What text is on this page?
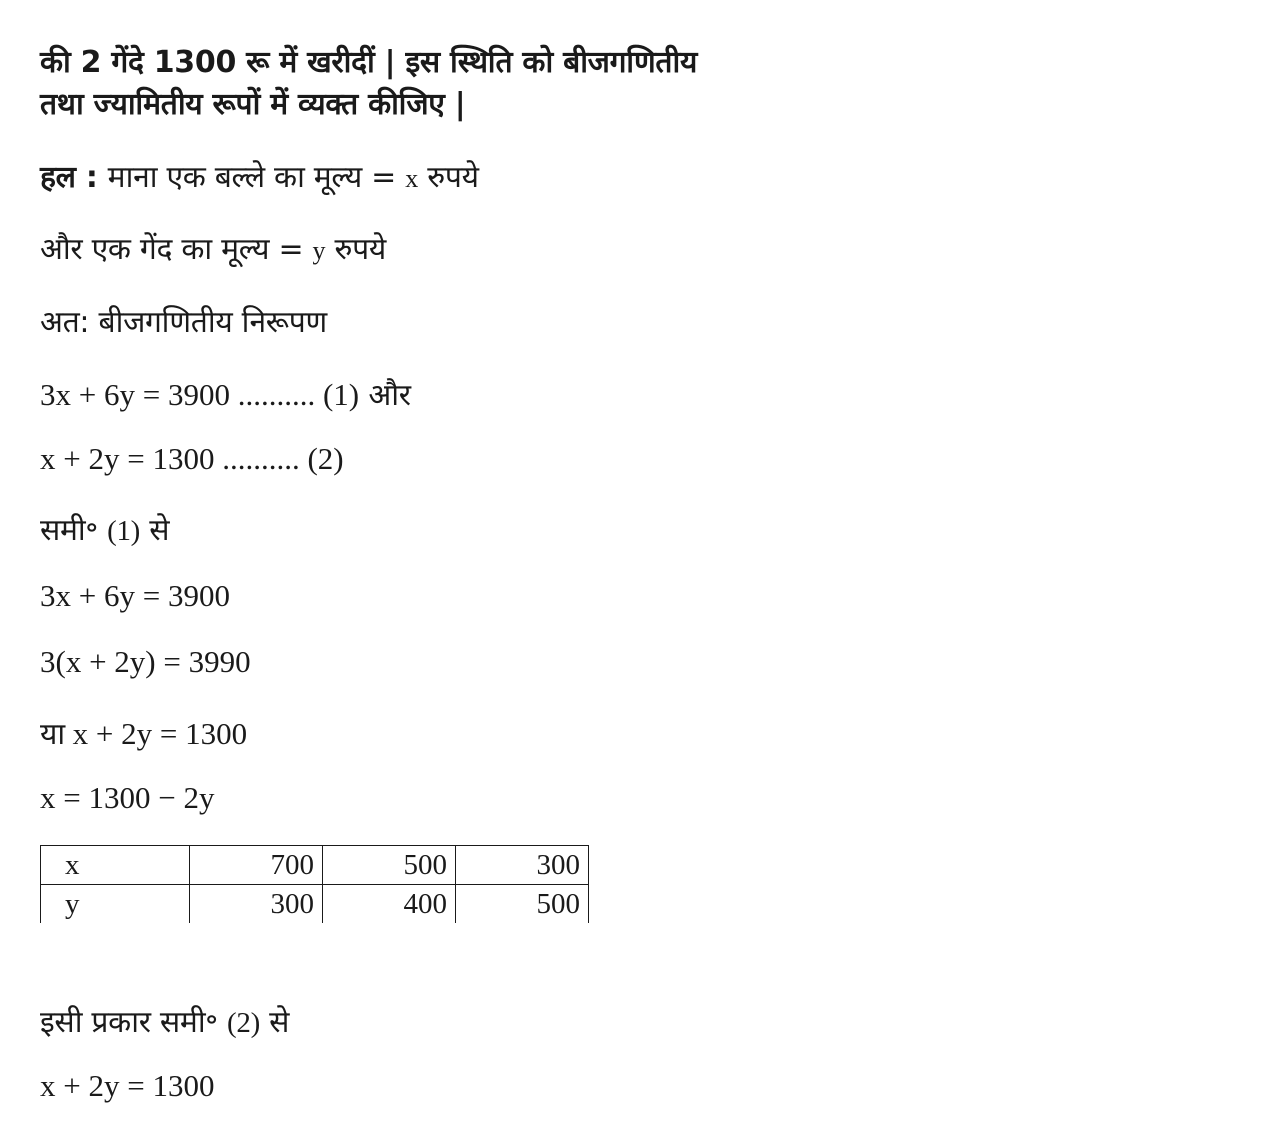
की 2 गेंदे 1300 रू में खरीदीं | इस स्थिति को बीजगणितीय
तथा ज्यामितीय रूपों में व्यक्त कीजिए |
हल : माना एक बल्ले का मूल्य = x रुपये
और एक गेंद का मूल्य = y रुपये
अत: बीजगणितीय निरूपण
3x + 6y = 3900 .......... (1) और
x + 2y = 1300 .......... (2)
समी॰ (1) से
3x + 6y = 3900
3(x + 2y) = 3990
या x + 2y = 1300
x = 1300 − 2y
x	700	500	300
y	300	400	500
इसी प्रकार समी॰ (2) से
x + 2y = 1300
